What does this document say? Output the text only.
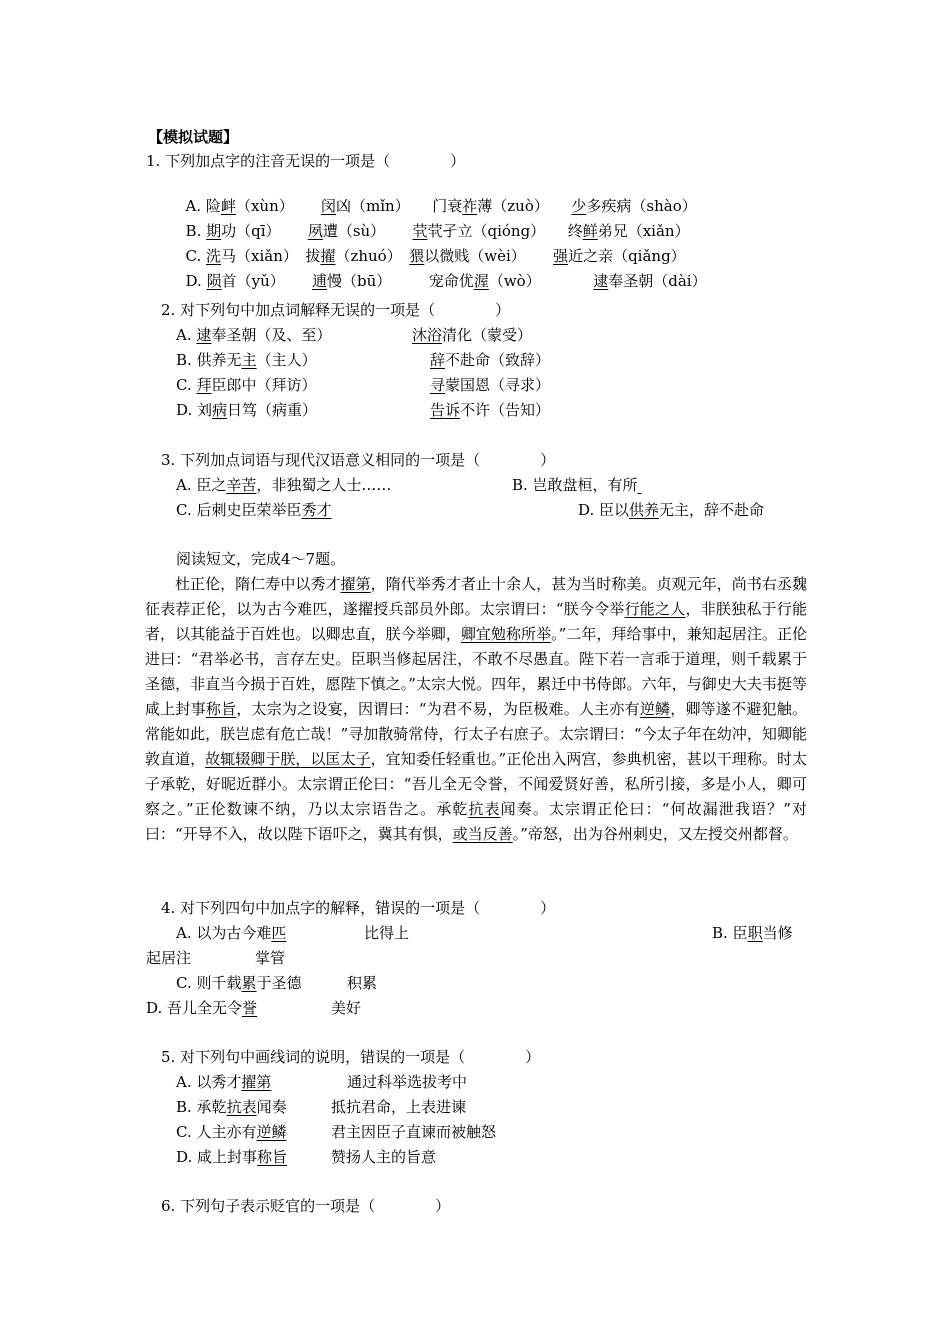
【模拟试题】
1. 下列加点字的注音无误的一项是（　　　　）

A. 险衅（xùn）　　 闵凶（mǐn）　　门衰祚薄（zuò）　　 少多疾病（shào）

B. 期功（qī）　　 夙遭（sù）　　 茕茕孑立（qióng）　　终鲜弟兄（xiǎn）

C. 洗马（xiǎn）　拔擢（zhuó）　 猥以微贱（wèi）　　 强近之亲（qiǎng）

D. 陨首（yǔ）　　 逋慢（bū）　　　宠命优渥（wò）　　　　	逮奉圣朝（dài）

2. 对下列句中加点词解释无误的一项是（　　　　）
A. 逮奉圣朝（及、至）	沐浴清化（蒙受）
B. 供养无主（主人）	辞不赴命（致辞）
C. 拜臣郎中（拜访）	寻蒙国恩（寻求）
D. 刘病日笃（病重）	告诉不许（告知）
3. 下列加点词语与现代汉语意义相同的一项是（　　　　）
A. 臣之辛苦，非独蜀之人士……	B. 岂敢盘桓，有所　
C. 后刺史臣荣举臣秀才	D. 臣以供养无主，辞不赴命
阅读短文，完成4～7题。
杜正伦，隋仁寿中以秀才擢第，隋代举秀才者止十余人，甚为当时称美。贞观元年，尚书右丞魏征表荐正伦，以为古今难匹，遂擢授兵部员外郎。太宗谓曰：“朕今令举行能之人，非朕独私于行能者，以其能益于百姓也。以卿忠直，朕今举卿，卿宜勉称所举。”二年，拜给事中，兼知起居注。正伦进曰：“君举必书，言存左史。臣职当修起居注，不敢不尽愚直。陛下若一言乖于道理，则千载累于圣德，非直当今损于百姓，愿陛下慎之。”太宗大悦。四年，累迁中书侍郎。六年，与御史大夫韦挺等咸上封事称旨，太宗为之设宴，因谓曰：“为君不易，为臣极难。人主亦有逆鳞，卿等遂不避犯触。常能如此，朕岂虑有危亡哉！”寻加散骑常侍，行太子右庶子。太宗谓曰：“今太子年在幼冲，知卿能敦直道，故辄辍卿于朕，以匡太子，宜知委任轻重也。”正伦出入两宫，参典机密，甚以干理称。时太子承乾，好昵近群小。太宗谓正伦曰：“吾儿全无令誉，不闻爱贤好善，私所引接，多是小人，卿可察之。”正伦数谏不纳，乃以太宗语告之。承乾抗表闻奏。太宗谓正伦曰：“何故漏泄我语？”对曰：“开导不入，故以陛下语吓之，冀其有惧，或当反善。”帝怒，出为谷州刺史，又左授交州都督。
4. 对下列四句中加点字的解释，错误的一项是（　　　　）
A. 以为古今难匹	比得上	B. 臣职当修
起居注	掌管
C. 则千载累于圣德	积累
D. 吾儿全无令誉	美好
5. 对下列句中画线词的说明，错误的一项是（　　　　）
A. 以秀才擢第	通过科举选拔考中
B. 承乾抗表闻奏	抵抗君命，上表进谏
C. 人主亦有逆鳞	君主因臣子直谏而被触怒
D. 咸上封事称旨	赞扬人主的旨意
6. 下列句子表示贬官的一项是（　　　　）
